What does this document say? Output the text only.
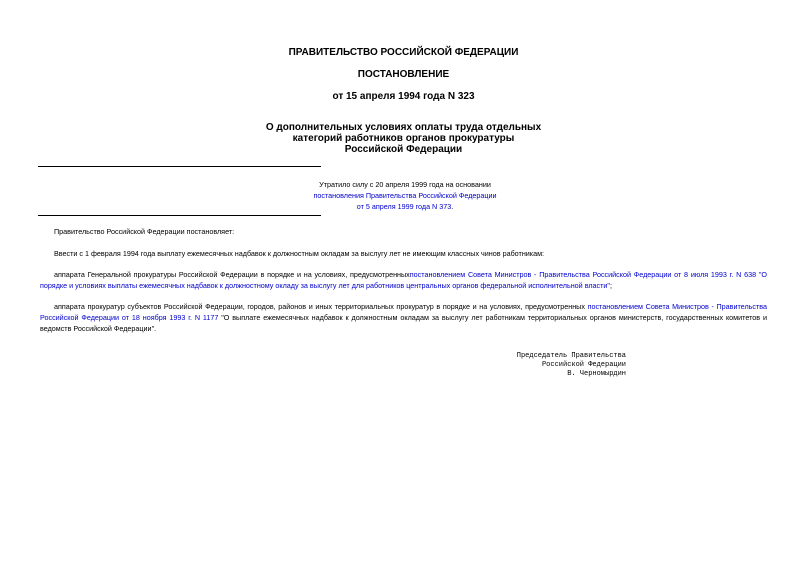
ПРАВИТЕЛЬСТВО РОССИЙСКОЙ ФЕДЕРАЦИИ
ПОСТАНОВЛЕНИЕ
от 15 апреля 1994 года N 323
О дополнительных условиях оплаты труда отдельных
категорий работников органов прокуратуры
Российской Федерации
Утратило силу с 20 апреля 1999 года на основании
постановления Правительства Российской Федерации
от 5 апреля 1999 года N 373.
Правительство Российской Федерации постановляет:
Ввести с 1 февраля 1994 года выплату ежемесячных надбавок к должностным окладам за выслугу лет не имеющим классных чинов работникам:
аппарата Генеральной прокуратуры Российской Федерации в порядке и на условиях, предусмотренныхпостановлением Совета Министров - Правительства Российской Федерации от 8 июля 1993 г. N 638 "О порядке и условиях выплаты ежемесячных надбавок к должностному окладу за выслугу лет для работников центральных органов федеральной исполнительной власти";
аппарата прокуратур субъектов Российской Федерации, городов, районов и иных территориальных прокуратур в порядке и на условиях, предусмотренных постановлением Совета Министров - Правительства Российской Федерации от 18 ноября 1993 г. N 1177 "О выплате ежемесячных надбавок к должностным окладам за выслугу лет работникам территориальных органов министерств, государственных комитетов и ведомств Российской Федерации".
Председатель Правительства
Российской Федерации
В. Черномырдин
